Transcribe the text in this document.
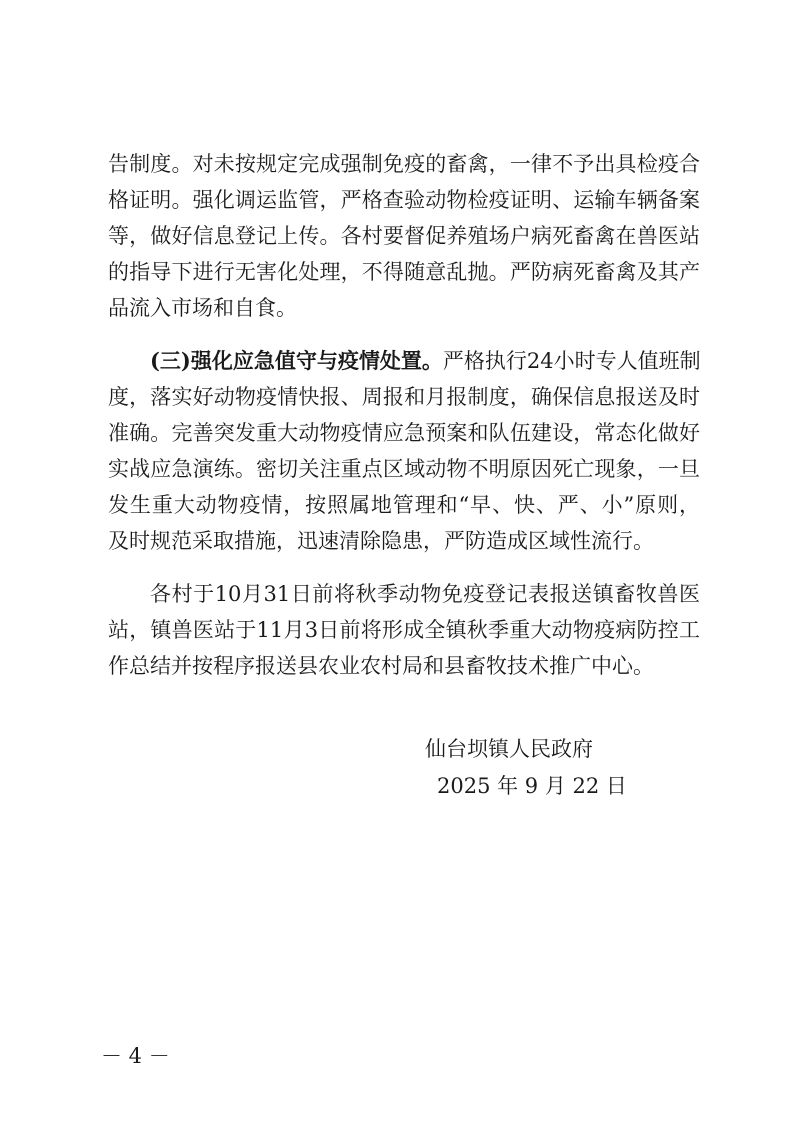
告制度。对未按规定完成强制免疫的畜禽，一律不予出具检疫合
格证明。强化调运监管，严格查验动物检疫证明、运输车辆备案
等，做好信息登记上传。各村要督促养殖场户病死畜禽在兽医站
的指导下进行无害化处理，不得随意乱抛。严防病死畜禽及其产
品流入市场和自食。
(三)强化应急值守与疫情处置。严格执行24小时专人值班制
度，落实好动物疫情快报、周报和月报制度，确保信息报送及时
准确。完善突发重大动物疫情应急预案和队伍建设，常态化做好
实战应急演练。密切关注重点区域动物不明原因死亡现象，一旦
发生重大动物疫情，按照属地管理和“早、快、严、小”原则，
及时规范采取措施，迅速清除隐患，严防造成区域性流行。
各村于10月31日前将秋季动物免疫登记表报送镇畜牧兽医
站，镇兽医站于11月3日前将形成全镇秋季重大动物疫病防控工
作总结并按程序报送县农业农村局和县畜牧技术推广中心。
仙台坝镇人民政府
2025 年 9 月 22 日
－ 4 －
